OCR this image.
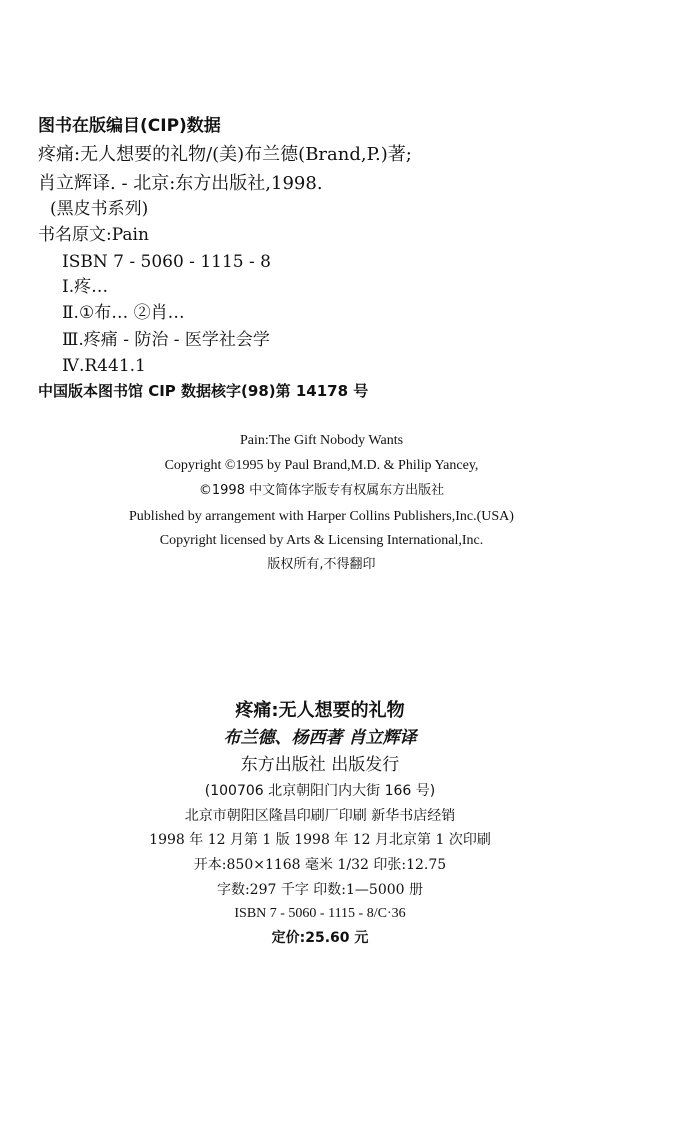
图书在版编目(CIP)数据
疼痛:无人想要的礼物/(美)布兰德(Brand,P.)著;
肖立辉译. - 北京:东方出版社,1998.
(黑皮书系列)
书名原文:Pain
ISBN 7 - 5060 - 1115 - 8
Ⅰ.疼…
Ⅱ.①布… ②肖…
Ⅲ.疼痛 - 防治 - 医学社会学
Ⅳ.R441.1
中国版本图书馆 CIP 数据核字(98)第 14178 号
Pain:The Gift Nobody Wants
Copyright ©1995 by Paul Brand,M.D. & Philip Yancey,
©1998 中文简体字版专有权属东方出版社
Published by arrangement with Harper Collins Publishers,Inc.(USA)
Copyright licensed by Arts & Licensing International,Inc.
版权所有,不得翻印
疼痛:无人想要的礼物
布兰德、杨西著 肖立辉译
东方出版社 出版发行
(100706 北京朝阳门内大街 166 号)
北京市朝阳区隆昌印刷厂印刷 新华书店经销
1998 年 12 月第 1 版 1998 年 12 月北京第 1 次印刷
开本:850×1168 毫米 1/32 印张:12.75
字数:297 千字 印数:1—5000 册
ISBN 7 - 5060 - 1115 - 8/C·36
定价:25.60 元
